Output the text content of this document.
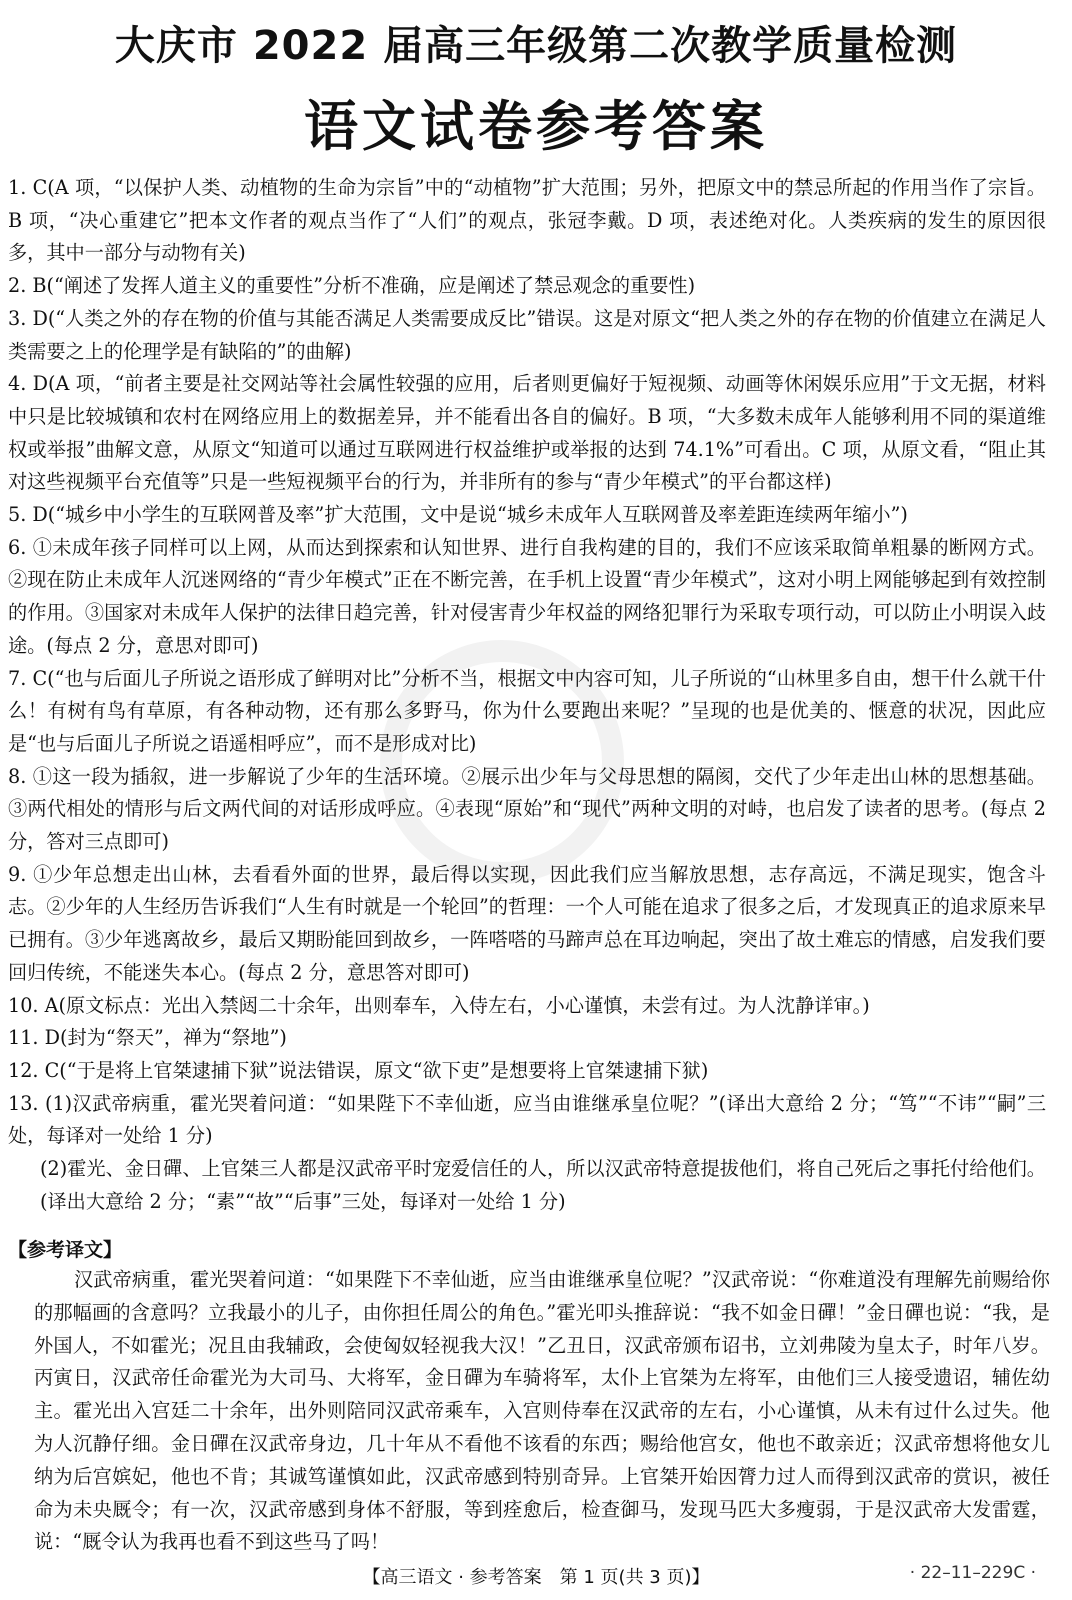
大庆市 2022 届高三年级第二次教学质量检测
语文试卷参考答案

1. C(A 项，“以保护人类、动植物的生命为宗旨”中的“动植物”扩大范围；另外，把原文中的禁忌所起的作用当作了宗旨。B 项，“决心重建它”把本文作者的观点当作了“人们”的观点，张冠李戴。D 项，表述绝对化。人类疾病的发生的原因很多，其中一部分与动物有关)

2. B(“阐述了发挥人道主义的重要性”分析不准确，应是阐述了禁忌观念的重要性)

3. D(“人类之外的存在物的价值与其能否满足人类需要成反比”错误。这是对原文“把人类之外的存在物的价值建立在满足人类需要之上的伦理学是有缺陷的”的曲解)

4. D(A 项，“前者主要是社交网站等社会属性较强的应用，后者则更偏好于短视频、动画等休闲娱乐应用”于文无据，材料中只是比较城镇和农村在网络应用上的数据差异，并不能看出各自的偏好。B 项，“大多数未成年人能够利用不同的渠道维权或举报”曲解文意，从原文“知道可以通过互联网进行权益维护或举报的达到 74.1%”可看出。C 项，从原文看，“阻止其对这些视频平台充值等”只是一些短视频平台的行为，并非所有的参与“青少年模式”的平台都这样)

5. D(“城乡中小学生的互联网普及率”扩大范围，文中是说“城乡未成年人互联网普及率差距连续两年缩小”)

6. ①未成年孩子同样可以上网，从而达到探索和认知世界、进行自我构建的目的，我们不应该采取简单粗暴的断网方式。②现在防止未成年人沉迷网络的“青少年模式”正在不断完善，在手机上设置“青少年模式”，这对小明上网能够起到有效控制的作用。③国家对未成年人保护的法律日趋完善，针对侵害青少年权益的网络犯罪行为采取专项行动，可以防止小明误入歧途。(每点 2 分，意思对即可)

7. C(“也与后面儿子所说之语形成了鲜明对比”分析不当，根据文中内容可知，儿子所说的“山林里多自由，想干什么就干什么！有树有鸟有草原，有各种动物，还有那么多野马，你为什么要跑出来呢？”呈现的也是优美的、惬意的状况，因此应是“也与后面儿子所说之语遥相呼应”，而不是形成对比)

8. ①这一段为插叙，进一步解说了少年的生活环境。②展示出少年与父母思想的隔阂，交代了少年走出山林的思想基础。③两代相处的情形与后文两代间的对话形成呼应。④表现“原始”和“现代”两种文明的对峙，也启发了读者的思考。(每点 2 分，答对三点即可)

9. ①少年总想走出山林，去看看外面的世界，最后得以实现，因此我们应当解放思想，志存高远，不满足现实，饱含斗志。②少年的人生经历告诉我们“人生有时就是一个轮回”的哲理：一个人可能在追求了很多之后，才发现真正的追求原来早已拥有。③少年逃离故乡，最后又期盼能回到故乡，一阵嗒嗒的马蹄声总在耳边响起，突出了故土难忘的情感，启发我们要回归传统，不能迷失本心。(每点 2 分，意思答对即可)

10. A(原文标点：光出入禁闼二十余年，出则奉车，入侍左右，小心谨慎，未尝有过。为人沈静详审。)

11. D(封为“祭天”，禅为“祭地”)

12. C(“于是将上官桀逮捕下狱”说法错误，原文“欲下吏”是想要将上官桀逮捕下狱)

13. (1)汉武帝病重，霍光哭着问道：“如果陛下不幸仙逝，应当由谁继承皇位呢？”(译出大意给 2 分；“笃”“不讳”“嗣”三处，每译对一处给 1 分)

(2)霍光、金日磾、上官桀三人都是汉武帝平时宠爱信任的人，所以汉武帝特意提拔他们，将自己死后之事托付给他们。(译出大意给 2 分；“素”“故”“后事”三处，每译对一处给 1 分)

【参考译文】

汉武帝病重，霍光哭着问道：“如果陛下不幸仙逝，应当由谁继承皇位呢？”汉武帝说：“你难道没有理解先前赐给你的那幅画的含意吗？立我最小的儿子，由你担任周公的角色。”霍光叩头推辞说：“我不如金日磾！”金日磾也说：“我，是外国人，不如霍光；况且由我辅政，会使匈奴轻视我大汉！”乙丑日，汉武帝颁布诏书，立刘弗陵为皇太子，时年八岁。丙寅日，汉武帝任命霍光为大司马、大将军，金日磾为车骑将军，太仆上官桀为左将军，由他们三人接受遗诏，辅佐幼主。霍光出入宫廷二十余年，出外则陪同汉武帝乘车，入宫则侍奉在汉武帝的左右，小心谨慎，从未有过什么过失。他为人沉静仔细。金日磾在汉武帝身边，几十年从不看他不该看的东西；赐给他宫女，他也不敢亲近；汉武帝想将他女儿纳为后宫嫔妃，他也不肯；其诚笃谨慎如此，汉武帝感到特别奇异。上官桀开始因膂力过人而得到汉武帝的赏识，被任命为未央厩令；有一次，汉武帝感到身体不舒服，等到痊愈后，检查御马，发现马匹大多瘦弱，于是汉武帝大发雷霆，说：“厩令认为我再也看不到这些马了吗！

【高三语文 · 参考答案　第 1 页(共 3 页)】	· 22–11–229C ·
